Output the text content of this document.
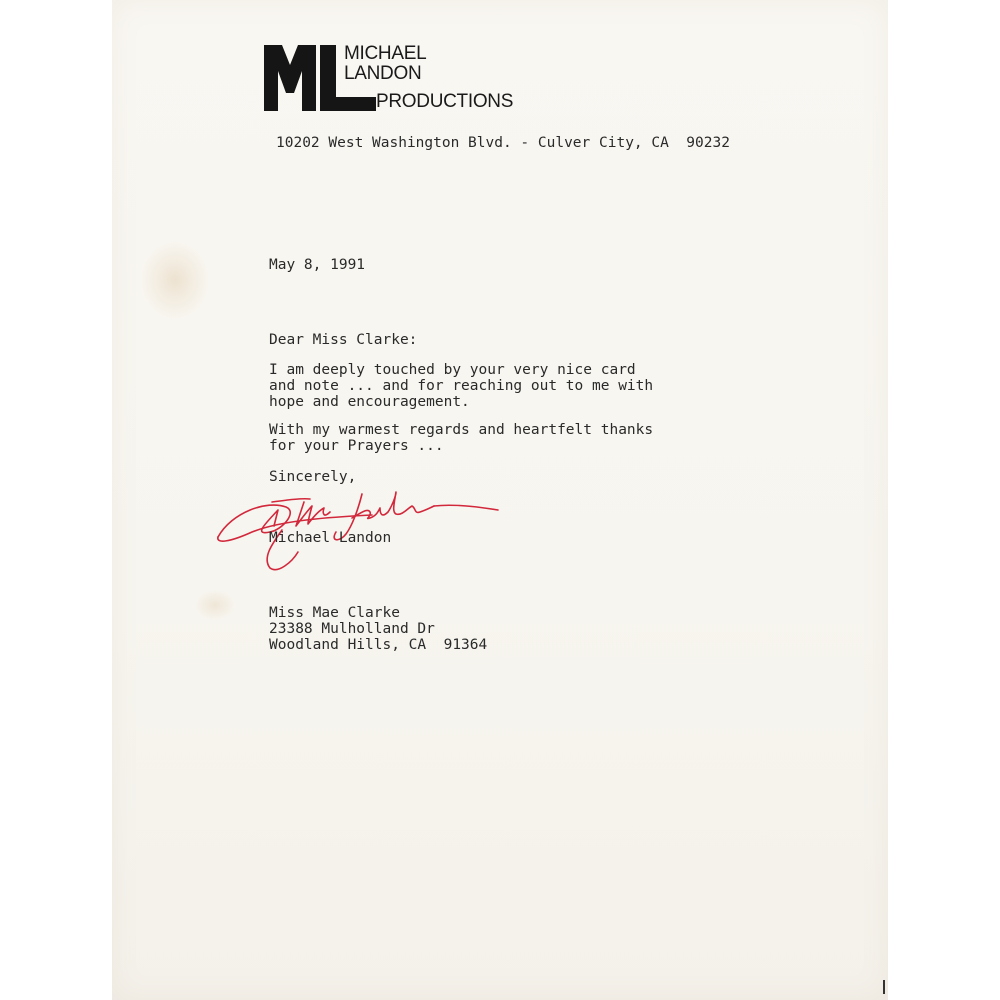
MICHAEL
LANDON
PRODUCTIONS
10202 West Washington Blvd. - Culver City, CA  90232
May 8, 1991
Dear Miss Clarke:
I am deeply touched by your very nice card
and note ... and for reaching out to me with
hope and encouragement.
With my warmest regards and heartfelt thanks
for your Prayers ...
Sincerely,
Michael Landon
Miss Mae Clarke
23388 Mulholland Dr
Woodland Hills, CA  91364
